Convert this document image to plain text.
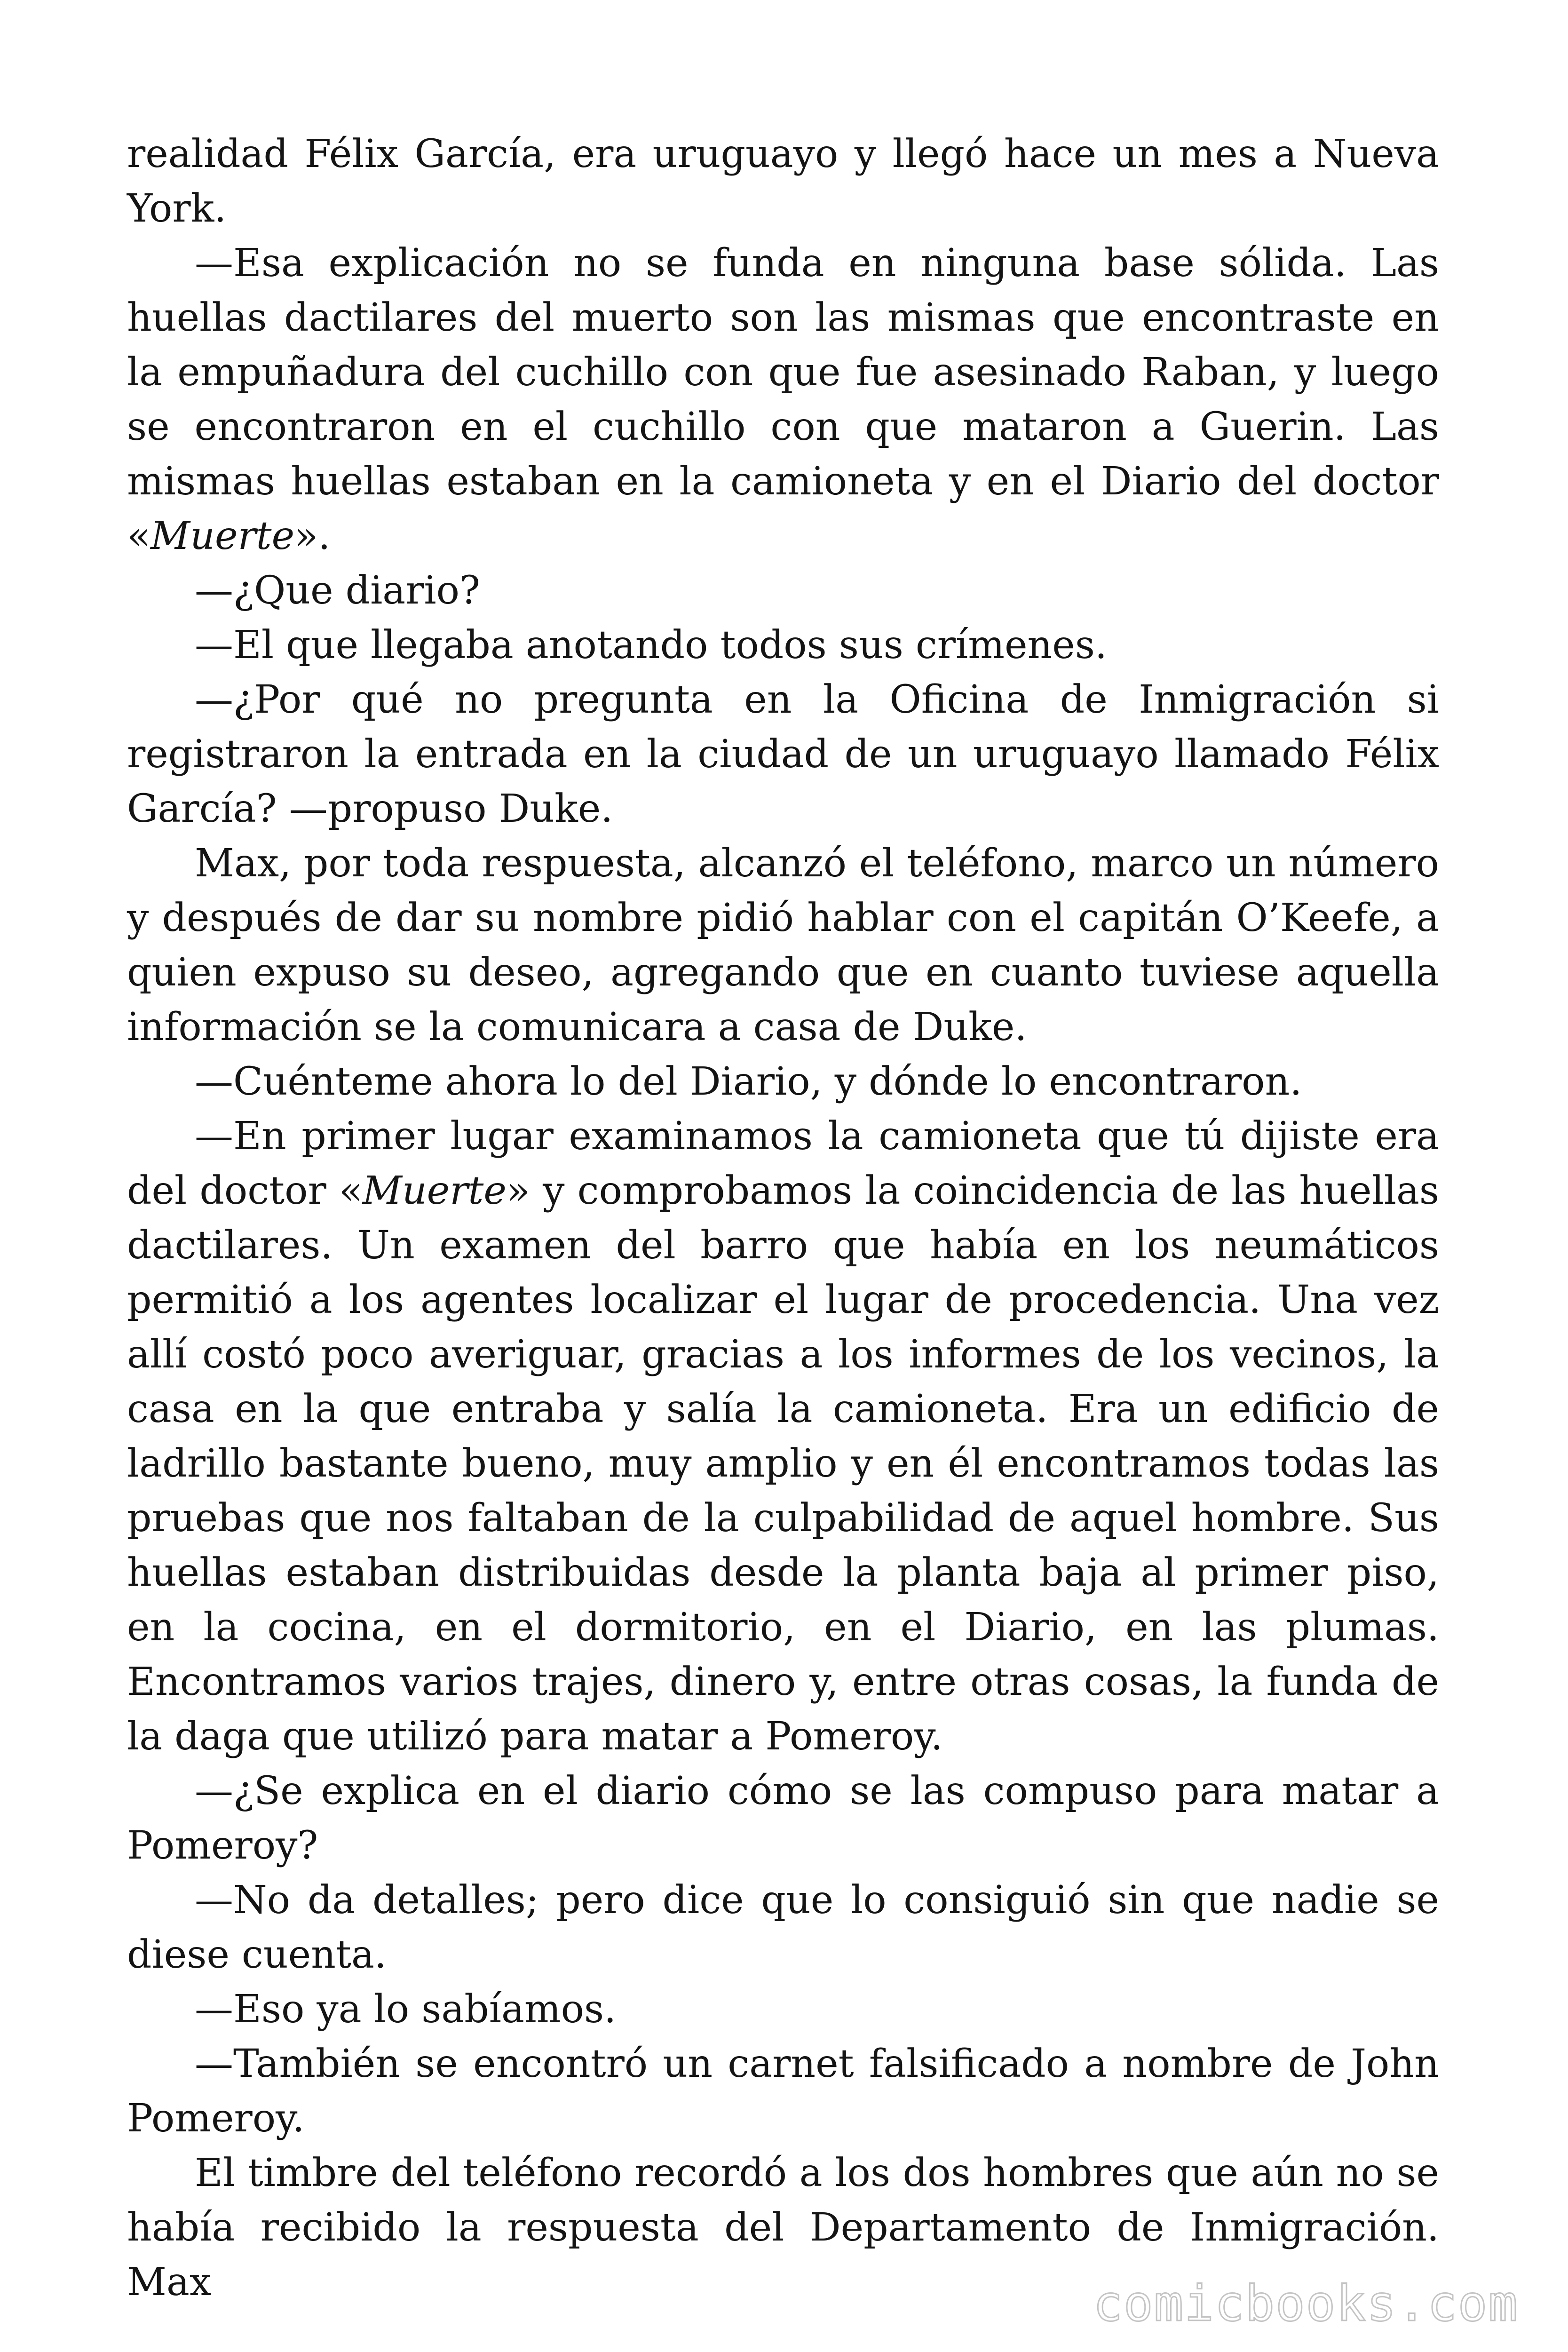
realidad Félix García, era uruguayo y llegó hace un mes a Nueva York.

—Esa explicación no se funda en ninguna base sólida. Las huellas dactilares del muerto son las mismas que encontraste en la empuñadura del cuchillo con que fue asesinado Raban, y luego se encontraron en el cuchillo con que mataron a Guerin. Las mismas huellas estaban en la camioneta y en el Diario del doctor «Muerte».

—¿Que diario?

—El que llegaba anotando todos sus crímenes.

—¿Por qué no pregunta en la Oficina de Inmigración si registraron la entrada en la ciudad de un uruguayo llamado Félix García? —propuso Duke.

Max, por toda respuesta, alcanzó el teléfono, marco un número y después de dar su nombre pidió hablar con el capitán O’Keefe, a quien expuso su deseo, agregando que en cuanto tuviese aquella información se la comunicara a casa de Duke.

—Cuénteme ahora lo del Diario, y dónde lo encontraron.

—En primer lugar examinamos la camioneta que tú dijiste era del doctor «Muerte» y comprobamos la coincidencia de las huellas dactilares. Un examen del barro que había en los neumáticos permitió a los agentes localizar el lugar de procedencia. Una vez allí costó poco averiguar, gracias a los informes de los vecinos, la casa en la que entraba y salía la camioneta. Era un edificio de ladrillo bastante bueno, muy amplio y en él encontramos todas las pruebas que nos faltaban de la culpabilidad de aquel hombre. Sus huellas estaban distribuidas desde la planta baja al primer piso, en la cocina, en el dormitorio, en el Diario, en las plumas. Encontramos varios trajes, dinero y, entre otras cosas, la funda de la daga que utilizó para matar a Pomeroy.

—¿Se explica en el diario cómo se las compuso para matar a Pomeroy?

—No da detalles; pero dice que lo consiguió sin que nadie se diese cuenta.

—Eso ya lo sabíamos.

—También se encontró un carnet falsificado a nombre de John Pomeroy.

El timbre del teléfono recordó a los dos hombres que aún no se había recibido la respuesta del Departamento de Inmigración. Max	comicbooks.com
